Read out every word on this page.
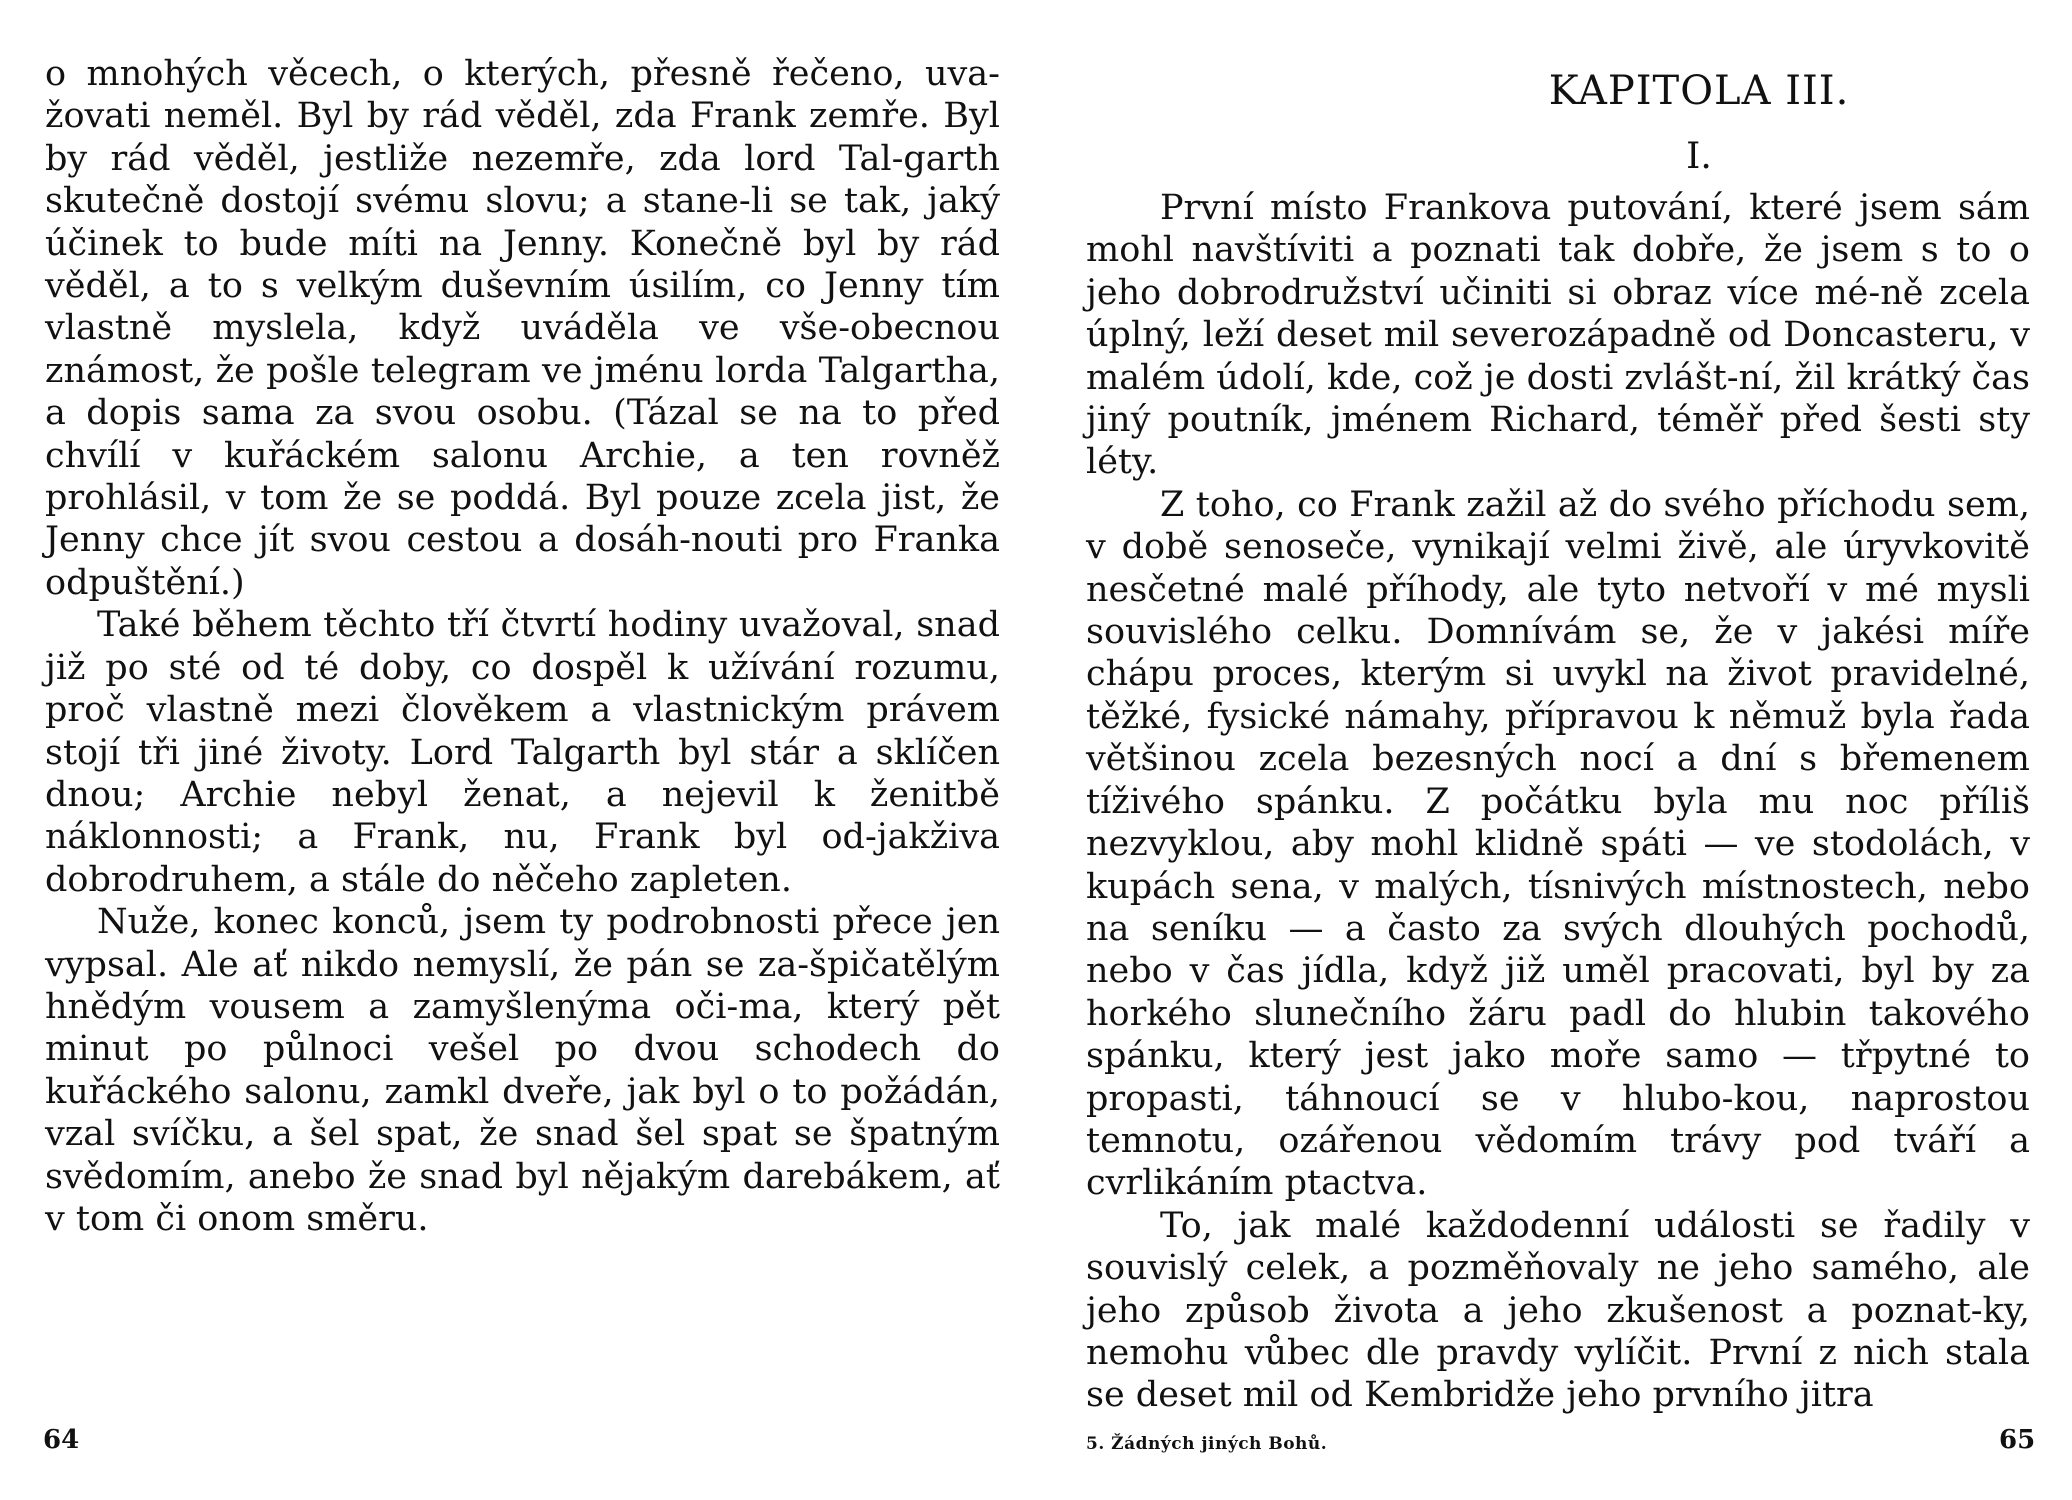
o mnohých věcech, o kterých, přesně řečeno, uva-žovati neměl. Byl by rád věděl, zda Frank zemře. Byl by rád věděl, jestliže nezemře, zda lord Tal-garth skutečně dostojí svému slovu; a stane-li se tak, jaký účinek to bude míti na Jenny. Konečně byl by rád věděl, a to s velkým duševním úsilím, co Jenny tím vlastně myslela, když uváděla ve vše-obecnou známost, že pošle telegram ve jménu lorda Talgartha, a dopis sama za svou osobu. (Tázal se na to před chvílí v kuřáckém salonu Archie, a ten rovněž prohlásil, v tom že se poddá. Byl pouze zcela jist, že Jenny chce jít svou cestou a dosáh-nouti pro Franka odpuštění.)

Také během těchto tří čtvrtí hodiny uvažoval, snad již po sté od té doby, co dospěl k užívání rozumu, proč vlastně mezi člověkem a vlastnickým právem stojí tři jiné životy. Lord Talgarth byl stár a sklíčen dnou; Archie nebyl ženat, a nejevil k ženitbě náklonnosti; a Frank, nu, Frank byl od-jakživa dobrodruhem, a stále do něčeho zapleten.

Nuže, konec konců, jsem ty podrobnosti přece jen vypsal. Ale ať nikdo nemyslí, že pán se za-špičatělým hnědým vousem a zamyšlenýma oči-ma, který pět minut po půlnoci vešel po dvou schodech do kuřáckého salonu, zamkl dveře, jak byl o to požádán, vzal svíčku, a šel spat, že snad šel spat se špatným svědomím, anebo že snad byl nějakým darebákem, ať v tom či onom směru.

64
KAPITOLA III.
I.

První místo Frankova putování, které jsem sám mohl navštíviti a poznati tak dobře, že jsem s to o jeho dobrodružství učiniti si obraz více mé-ně zcela úplný, leží deset mil severozápadně od Doncasteru, v malém údolí, kde, což je dosti zvlášt-ní, žil krátký čas jiný poutník, jménem Richard, téměř před šesti sty léty.

Z toho, co Frank zažil až do svého příchodu sem, v době senoseče, vynikají velmi živě, ale úryvkovitě nesčetné malé příhody, ale tyto netvoří v mé mysli souvislého celku. Domnívám se, že v jakési míře chápu proces, kterým si uvykl na život pravidelné, těžké, fysické námahy, přípravou k němuž byla řada většinou zcela bezesných nocí a dní s břemenem tíživého spánku. Z počátku byla mu noc příliš nezvyklou, aby mohl klidně spáti — ve stodolách, v kupách sena, v malých, tísnivých místnostech, nebo na seníku — a často za svých dlouhých pochodů, nebo v čas jídla, když již uměl pracovati, byl by za horkého slunečního žáru padl do hlubin takového spánku, který jest jako moře samo — třpytné to propasti, táhnoucí se v hlubo-kou, naprostou temnotu, ozářenou vědomím trávy pod tváří a cvrlikáním ptactva.

To, jak malé každodenní události se řadily v souvislý celek, a pozměňovaly ne jeho samého, ale jeho způsob života a jeho zkušenost a poznat-ky, nemohu vůbec dle pravdy vylíčit. První z nich stala se deset mil od Kembridže jeho prvního jitra

5. Žádných jiných Bohů.	65
